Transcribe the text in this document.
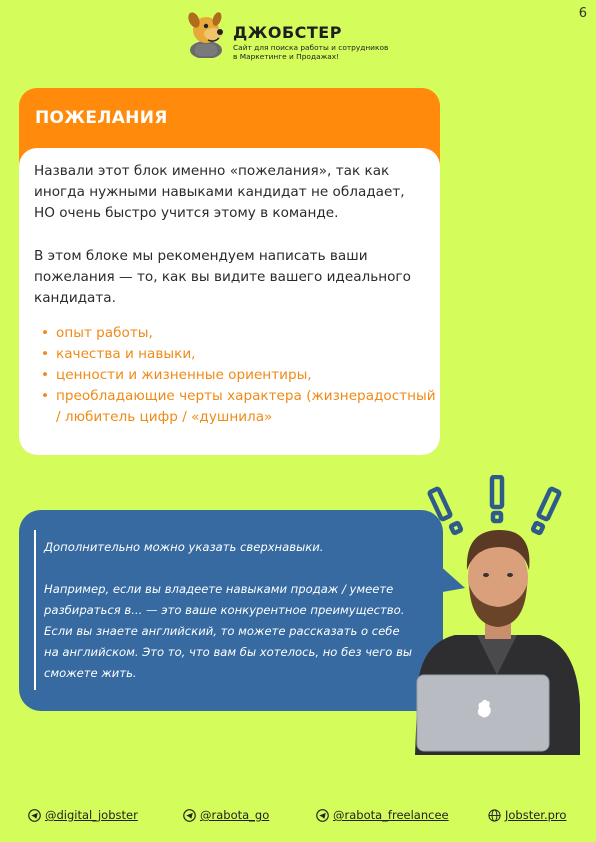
6
ДЖОБСТЕР
Сайт для поиска работы и сотрудников
в Маркетинге и Продажах!
ПОЖЕЛАНИЯ

Назвали этот блок именно «пожелания», так как иногда нужными навыками кандидат не обладает, НО очень быстро учится этому в команде.

В этом блоке мы рекомендуем написать ваши пожелания — то, как вы видите вашего идеального кандидата.

• опыт работы,
• качества и навыки,
• ценности и жизненные ориентиры,
• преобладающие черты характера (жизнерадостный / любитель цифр / «душнила»

Дополнительно можно указать сверхнавыки.

Например, если вы владеете навыками продаж / умеете разбираться в... — это ваше конкурентное преимущество. Если вы знаете английский, то можете рассказать о себе на английском. Это то, что вам бы хотелось, но без чего вы сможете жить.

@digital_jobster	@rabota_go	@rabota_freelancee	Jobster.pro
